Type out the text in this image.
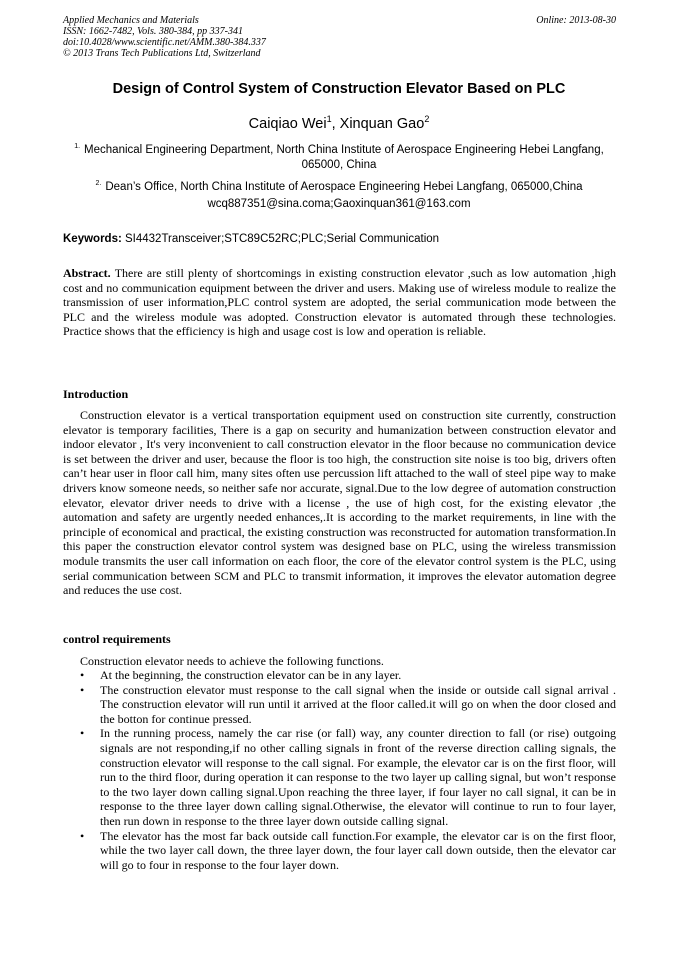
Applied Mechanics and Materials
ISSN: 1662-7482, Vols. 380-384, pp 337-341
doi:10.4028/www.scientific.net/AMM.380-384.337
© 2013 Trans Tech Publications Ltd, Switzerland
Online: 2013-08-30
Design of Control System of Construction Elevator Based on PLC
Caiqiao Wei$^1$, Xinquan Gao$^2$
$^{1.}$ Mechanical Engineering Department, North China Institute of Aerospace Engineering Hebei Langfang, 065000, China
$^{2.}$ Dean’s Office, North China Institute of Aerospace Engineering Hebei Langfang, 065000,China
wcq887351@sina.coma;Gaoxinquan361@163.com
Keywords: SI4432Transceiver;STC89C52RC;PLC;Serial Communication
Abstract. There are still plenty of shortcomings in existing construction elevator ,such as low automation ,high cost and no communication equipment between the driver and users. Making use of wireless module to realize the transmission of user information,PLC control system are adopted, the serial communication mode between the PLC and the wireless module was adopted. Construction elevator is automated through these technologies. Practice shows that the efficiency is high and usage cost is low and operation is reliable.
Introduction
Construction elevator is a vertical transportation equipment used on construction site currently, construction elevator is temporary facilities, There is a gap on security and humanization between construction elevator and indoor elevator , It's very inconvenient to call construction elevator in the floor because no communication device is set between the driver and user, because the floor is too high, the construction site noise is too big, drivers often can’t hear user in floor call him, many sites often use percussion lift attached to the wall of steel pipe way to make drivers know someone needs, so neither safe nor accurate, signal.Due to the low degree of automation construction elevator, elevator driver needs to drive with a license , the use of high cost, for the existing elevator ,the automation and safety are urgently needed enhances,.It is according to the market requirements, in line with the principle of economical and practical, the existing construction was reconstructed for automation transformation.In this paper the construction elevator control system was designed base on PLC, using the wireless transmission module transmits the user call information on each floor, the core of the elevator control system is the PLC, using serial communication between SCM and PLC to transmit information, it improves the elevator automation degree and reduces the use cost.
control requirements
Construction elevator needs to achieve the following functions.
•	At the beginning, the construction elevator can be in any layer.
•	The construction elevator must response to the call signal when the inside or outside call signal arrival . The construction elevator will run until it arrived at the floor called.it will go on when the door closed and the botton for continue pressed.
•	In the running process, namely the car rise (or fall) way, any counter direction to fall (or rise) outgoing signals are not responding,if no other calling signals in front of the reverse direction calling signals, the construction elevator will response to the call signal. For example, the elevator car is on the first floor, will run to the third floor, during operation it can response to the two layer up calling signal, but won’t response to the two layer down calling signal.Upon reaching the three layer, if four layer no call signal, it can be in response to the three layer down calling signal.Otherwise, the elevator will continue to run to four layer, then run down in response to the three layer down outside calling signal.
•	The elevator has the most far back outside call function.For example, the elevator car is on the first floor, while the two layer call down, the three layer down, the four layer call down outside, then the elevator car will go to four in response to the four layer down.
